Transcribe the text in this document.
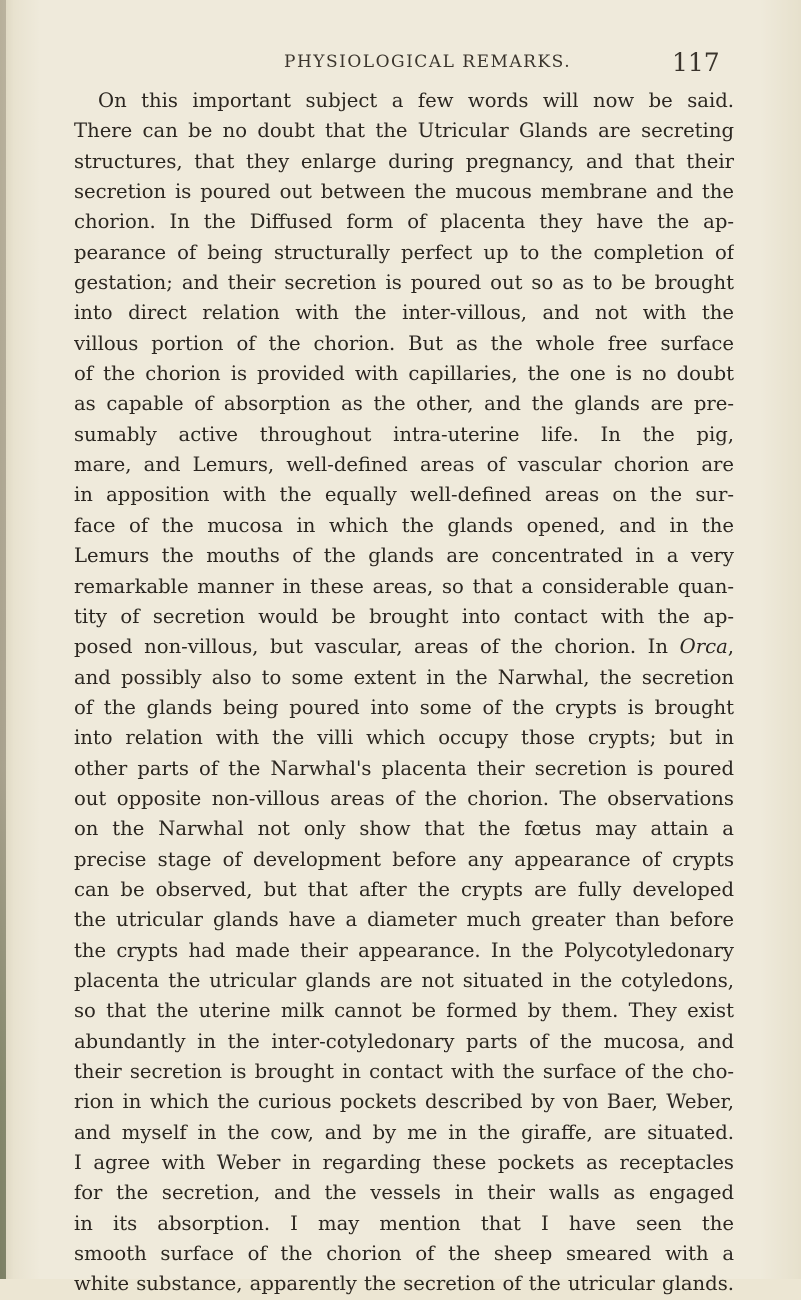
PHYSIOLOGICAL REMARKS.	117
On this important subject a few words will now be said.
There can be no doubt that the Utricular Glands are secreting
structures, that they enlarge during pregnancy, and that their
secretion is poured out between the mucous membrane and the
chorion. In the Diffused form of placenta they have the ap-
pearance of being structurally perfect up to the completion of
gestation; and their secretion is poured out so as to be brought
into direct relation with the inter-villous, and not with the
villous portion of the chorion. But as the whole free surface
of the chorion is provided with capillaries, the one is no doubt
as capable of absorption as the other, and the glands are pre-
sumably active throughout intra-uterine life. In the pig,
mare, and Lemurs, well-defined areas of vascular chorion are
in apposition with the equally well-defined areas on the sur-
face of the mucosa in which the glands opened, and in the
Lemurs the mouths of the glands are concentrated in a very
remarkable manner in these areas, so that a considerable quan-
tity of secretion would be brought into contact with the ap-
posed non-villous, but vascular, areas of the chorion. In Orca,
and possibly also to some extent in the Narwhal, the secretion
of the glands being poured into some of the crypts is brought
into relation with the villi which occupy those crypts; but in
other parts of the Narwhal's placenta their secretion is poured
out opposite non-villous areas of the chorion. The observations
on the Narwhal not only show that the fœtus may attain a
precise stage of development before any appearance of crypts
can be observed, but that after the crypts are fully developed
the utricular glands have a diameter much greater than before
the crypts had made their appearance. In the Polycotyledonary
placenta the utricular glands are not situated in the cotyledons,
so that the uterine milk cannot be formed by them. They exist
abundantly in the inter-cotyledonary parts of the mucosa, and
their secretion is brought in contact with the surface of the cho-
rion in which the curious pockets described by von Baer, Weber,
and myself in the cow, and by me in the giraffe, are situated.
I agree with Weber in regarding these pockets as receptacles
for the secretion, and the vessels in their walls as engaged
in its absorption. I may mention that I have seen the
smooth surface of the chorion of the sheep smeared with a
white substance, apparently the secretion of the utricular glands.
